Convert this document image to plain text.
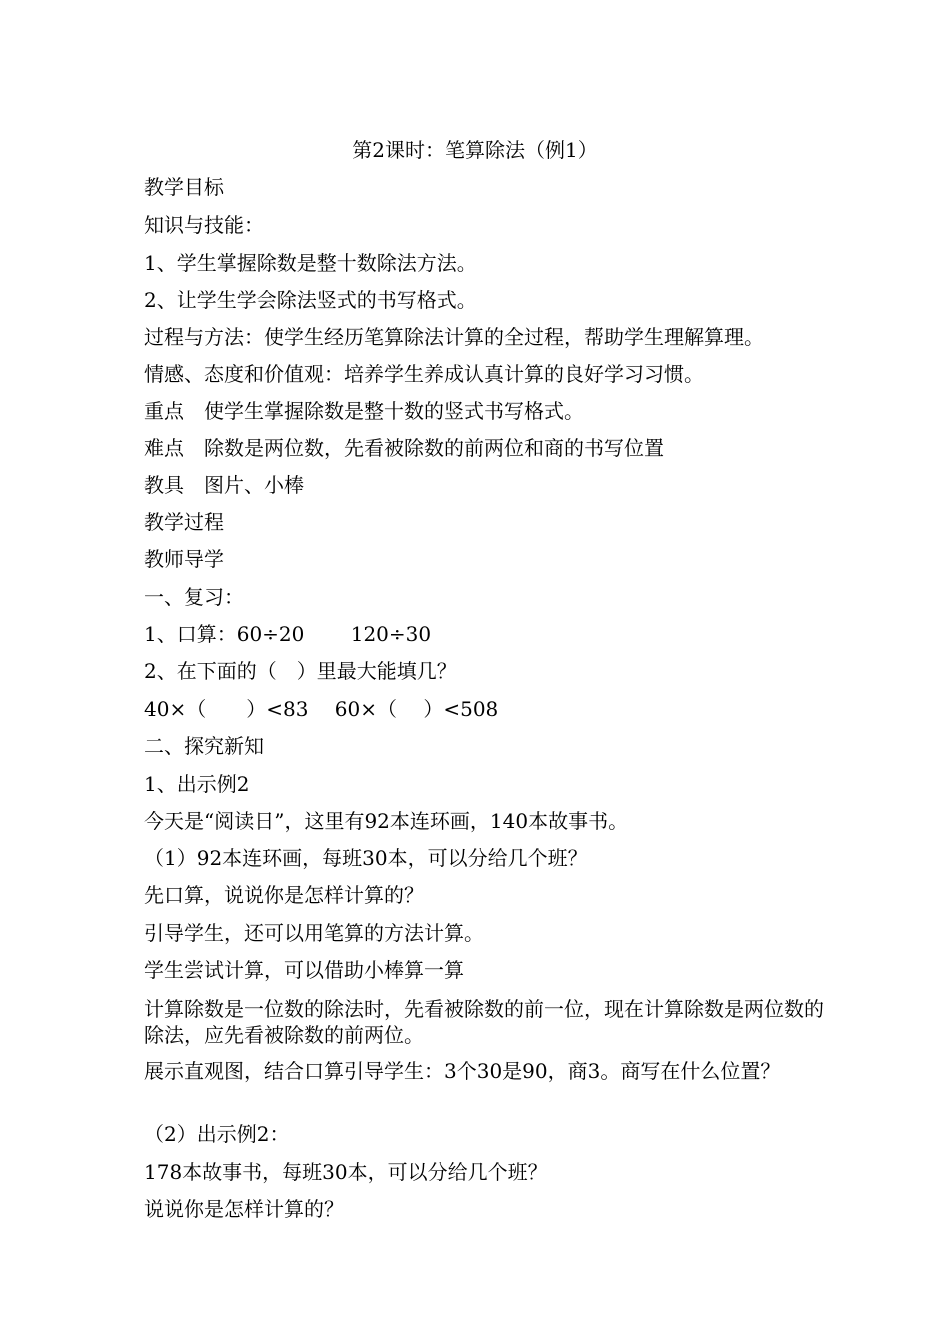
第2课时：笔算除法（例1）
教学目标
知识与技能：
1、学生掌握除数是整十数除法方法。
2、让学生学会除法竖式的书写格式。
过程与方法：使学生经历笔算除法计算的全过程，帮助学生理解算理。
情感、态度和价值观：培养学生养成认真计算的良好学习习惯。
重点　使学生掌握除数是整十数的竖式书写格式。
难点　除数是两位数，先看被除数的前两位和商的书写位置
教具　图片、小棒
教学过程
教师导学
一、复习：
1、口算：60÷20　　 120÷30
2、在下面的（　）里最大能填几？
40×（　　）<83　 60×（　 ）<508
二、探究新知
1、出示例2
今天是“阅读日”，这里有92本连环画，140本故事书。
（1）92本连环画，每班30本，可以分给几个班？
先口算，说说你是怎样计算的？
引导学生，还可以用笔算的方法计算。
学生尝试计算，可以借助小棒算一算
计算除数是一位数的除法时，先看被除数的前一位，现在计算除数是两位数的除法，应先看被除数的前两位。
展示直观图，结合口算引导学生：3个30是90，商3。商写在什么位置？
（2）出示例2：
178本故事书，每班30本，可以分给几个班？
说说你是怎样计算的？
